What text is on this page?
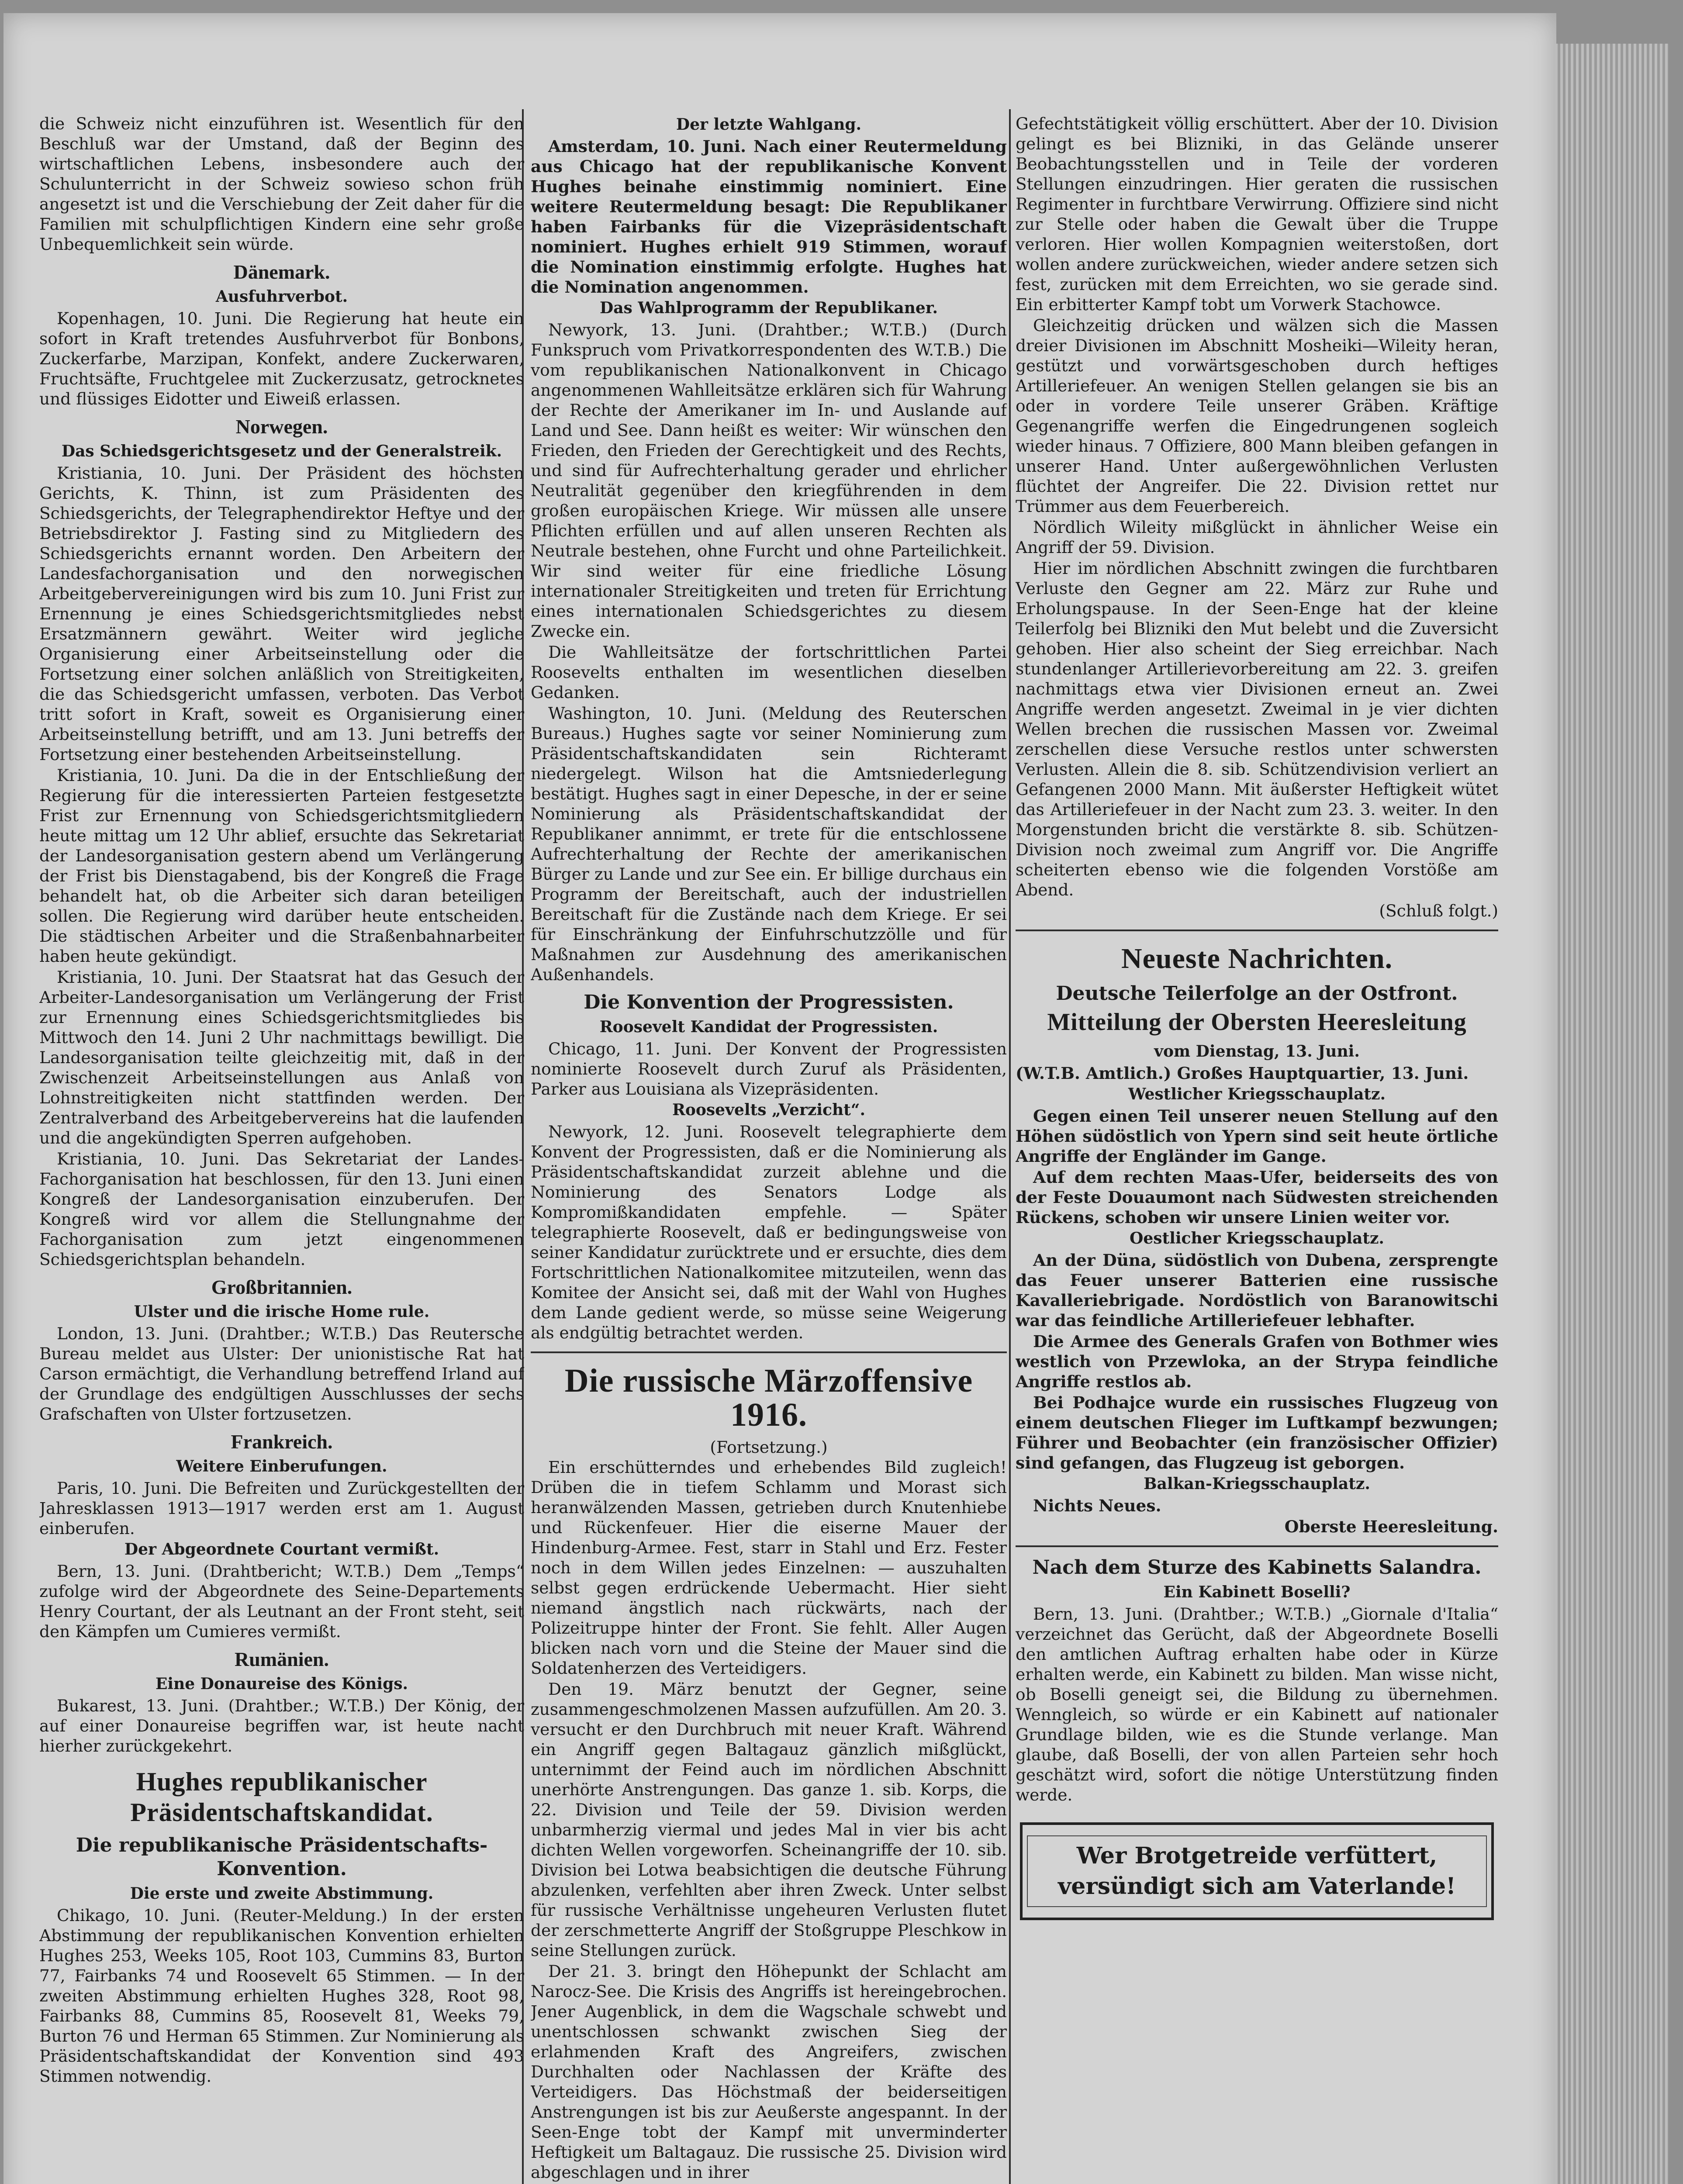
die Schweiz nicht einzuführen ist. Wesentlich für den Beschluß war der Umstand, daß der Beginn des wirtschaftlichen Lebens, insbesondere auch der Schulunterricht in der Schweiz sowieso schon früh angesetzt ist und die Verschiebung der Zeit daher für die Familien mit schulpflichtigen Kindern eine sehr große Unbequemlichkeit sein würde.

Dänemark.
Ausfuhrverbot.

Kopenhagen, 10. Juni. Die Regierung hat heute ein sofort in Kraft tretendes Ausfuhrverbot für Bonbons, Zuckerfarbe, Marzipan, Konfekt, andere Zuckerwaren, Fruchtsäfte, Fruchtgelee mit Zuckerzusatz, getrocknetes und flüssiges Eidotter und Eiweiß erlassen.

Norwegen.
Das Schiedsgerichtsgesetz und der Generalstreik.

Kristiania, 10. Juni. Der Präsident des höchsten Gerichts, K. Thinn, ist zum Präsidenten des Schiedsgerichts, der Telegraphendirektor Heftye und der Betriebsdirektor J. Fasting sind zu Mitgliedern des Schiedsgerichts ernannt worden. Den Arbeitern der Landesfachorganisation und den norwegischen Arbeitgebervereinigungen wird bis zum 10. Juni Frist zur Ernennung je eines Schiedsgerichtsmitgliedes nebst Ersatzmännern gewährt. Weiter wird jegliche Organisierung einer Arbeitseinstellung oder die Fortsetzung einer solchen anläßlich von Streitigkeiten, die das Schiedsgericht umfassen, verboten. Das Verbot tritt sofort in Kraft, soweit es Organisierung einer Arbeitseinstellung betrifft, und am 13. Juni betreffs der Fortsetzung einer bestehenden Arbeitseinstellung.

Kristiania, 10. Juni. Da die in der Entschließung der Regierung für die interessierten Parteien festgesetzte Frist zur Ernennung von Schiedsgerichtsmitgliedern heute mittag um 12 Uhr ablief, ersuchte das Sekretariat der Landesorganisation gestern abend um Verlängerung der Frist bis Dienstagabend, bis der Kongreß die Frage behandelt hat, ob die Arbeiter sich daran beteiligen sollen. Die Regierung wird darüber heute entscheiden. Die städtischen Arbeiter und die Straßenbahnarbeiter haben heute gekündigt.

Kristiania, 10. Juni. Der Staatsrat hat das Gesuch der Arbeiter-Landesorganisation um Verlängerung der Frist zur Ernennung eines Schiedsgerichtsmitgliedes bis Mittwoch den 14. Juni 2 Uhr nachmittags bewilligt. Die Landesorganisation teilte gleichzeitig mit, daß in der Zwischenzeit Arbeitseinstellungen aus Anlaß von Lohnstreitigkeiten nicht stattfinden werden. Der Zentralverband des Arbeitgebervereins hat die laufenden und die angekündigten Sperren aufgehoben.

Kristiania, 10. Juni. Das Sekretariat der Landes-Fachorganisation hat beschlossen, für den 13. Juni einen Kongreß der Landesorganisation einzuberufen. Der Kongreß wird vor allem die Stellungnahme der Fachorganisation zum jetzt eingenommenen Schiedsgerichtsplan behandeln.

Großbritannien.
Ulster und die irische Home rule.

London, 13. Juni. (Drahtber.; W.T.B.) Das Reutersche Bureau meldet aus Ulster: Der unionistische Rat hat Carson ermächtigt, die Verhandlung betreffend Irland auf der Grundlage des endgültigen Ausschlusses der sechs Grafschaften von Ulster fortzusetzen.

Frankreich.
Weitere Einberufungen.

Paris, 10. Juni. Die Befreiten und Zurückgestellten der Jahresklassen 1913—1917 werden erst am 1. August einberufen.

Der Abgeordnete Courtant vermißt.

Bern, 13. Juni. (Drahtbericht; W.T.B.) Dem „Temps“ zufolge wird der Abgeordnete des Seine-Departements Henry Courtant, der als Leutnant an der Front steht, seit den Kämpfen um Cumieres vermißt.

Rumänien.
Eine Donaureise des Königs.

Bukarest, 13. Juni. (Drahtber.; W.T.B.) Der König, der auf einer Donaureise begriffen war, ist heute nacht hierher zurückgekehrt.

Hughes republikanischer Präsidentschaftskandidat.
Die republikanische Präsidentschafts-Konvention.
Die erste und zweite Abstimmung.

Chikago, 10. Juni. (Reuter-Meldung.) In der ersten Abstimmung der republikanischen Konvention erhielten Hughes 253, Weeks 105, Root 103, Cummins 83, Burton 77, Fairbanks 74 und Roosevelt 65 Stimmen. — In der zweiten Abstimmung erhielten Hughes 328, Root 98, Fairbanks 88, Cummins 85, Roosevelt 81, Weeks 79, Burton 76 und Herman 65 Stimmen. Zur Nominierung als Präsidentschaftskandidat der Konvention sind 493 Stimmen notwendig.

Der letzte Wahlgang.

Amsterdam, 10. Juni. Nach einer Reutermeldung aus Chicago hat der republikanische Konvent Hughes beinahe einstimmig nominiert. Eine weitere Reutermeldung besagt: Die Republikaner haben Fairbanks für die Vizepräsidentschaft nominiert. Hughes erhielt 919 Stimmen, worauf die Nomination einstimmig erfolgte. Hughes hat die Nomination angenommen.

Das Wahlprogramm der Republikaner.

Newyork, 13. Juni. (Drahtber.; W.T.B.) (Durch Funkspruch vom Privatkorrespondenten des W.T.B.) Die vom republikanischen Nationalkonvent in Chicago angenommenen Wahlleitsätze erklären sich für Wahrung der Rechte der Amerikaner im In- und Auslande auf Land und See. Dann heißt es weiter: Wir wünschen den Frieden, den Frieden der Gerechtigkeit und des Rechts, und sind für Aufrechterhaltung gerader und ehrlicher Neutralität gegenüber den kriegführenden in dem großen europäischen Kriege. Wir müssen alle unsere Pflichten erfüllen und auf allen unseren Rechten als Neutrale bestehen, ohne Furcht und ohne Parteilichkeit. Wir sind weiter für eine friedliche Lösung internationaler Streitigkeiten und treten für Errichtung eines internationalen Schiedsgerichtes zu diesem Zwecke ein.

Die Wahlleitsätze der fortschrittlichen Partei Roosevelts enthalten im wesentlichen dieselben Gedanken.

Washington, 10. Juni. (Meldung des Reuterschen Bureaus.) Hughes sagte vor seiner Nominierung zum Präsidentschaftskandidaten sein Richteramt niedergelegt. Wilson hat die Amtsniederlegung bestätigt. Hughes sagt in einer Depesche, in der er seine Nominierung als Präsidentschaftskandidat der Republikaner annimmt, er trete für die entschlossene Aufrechterhaltung der Rechte der amerikanischen Bürger zu Lande und zur See ein. Er billige durchaus ein Programm der Bereitschaft, auch der industriellen Bereitschaft für die Zustände nach dem Kriege. Er sei für Einschränkung der Einfuhrschutzzölle und für Maßnahmen zur Ausdehnung des amerikanischen Außenhandels.

Die Konvention der Progressisten.
Roosevelt Kandidat der Progressisten.

Chicago, 11. Juni. Der Konvent der Progressisten nominierte Roosevelt durch Zuruf als Präsidenten, Parker aus Louisiana als Vizepräsidenten.

Roosevelts „Verzicht“.

Newyork, 12. Juni. Roosevelt telegraphierte dem Konvent der Progressisten, daß er die Nominierung als Präsidentschaftskandidat zurzeit ablehne und die Nominierung des Senators Lodge als Kompromißkandidaten empfehle. — Später telegraphierte Roosevelt, daß er bedingungsweise von seiner Kandidatur zurücktrete und er ersuchte, dies dem Fortschrittlichen Nationalkomitee mitzuteilen, wenn das Komitee der Ansicht sei, daß mit der Wahl von Hughes dem Lande gedient werde, so müsse seine Weigerung als endgültig betrachtet werden.

Die russische Märzoffensive 1916.
(Fortsetzung.)

Ein erschütterndes und erhebendes Bild zugleich! Drüben die in tiefem Schlamm und Morast sich heranwälzenden Massen, getrieben durch Knutenhiebe und Rückenfeuer. Hier die eiserne Mauer der Hindenburg-Armee. Fest, starr in Stahl und Erz. Fester noch in dem Willen jedes Einzelnen: — auszuhalten selbst gegen erdrückende Uebermacht. Hier sieht niemand ängstlich nach rückwärts, nach der Polizeitruppe hinter der Front. Sie fehlt. Aller Augen blicken nach vorn und die Steine der Mauer sind die Soldatenherzen des Verteidigers.

Den 19. März benutzt der Gegner, seine zusammengeschmolzenen Massen aufzufüllen. Am 20. 3. versucht er den Durchbruch mit neuer Kraft. Während ein Angriff gegen Baltagauz gänzlich mißglückt, unternimmt der Feind auch im nördlichen Abschnitt unerhörte Anstrengungen. Das ganze 1. sib. Korps, die 22. Division und Teile der 59. Division werden unbarmherzig viermal und jedes Mal in vier bis acht dichten Wellen vorgeworfen. Scheinangriffe der 10. sib. Division bei Lotwa beabsichtigen die deutsche Führung abzulenken, verfehlten aber ihren Zweck. Unter selbst für russische Verhältnisse ungeheuren Verlusten flutet der zerschmetterte Angriff der Stoßgruppe Pleschkow in seine Stellungen zurück.

Der 21. 3. bringt den Höhepunkt der Schlacht am Narocz-See. Die Krisis des Angriffs ist hereingebrochen. Jener Augenblick, in dem die Wagschale schwebt und unentschlossen schwankt zwischen Sieg der erlahmenden Kraft des Angreifers, zwischen Durchhalten oder Nachlassen der Kräfte des Verteidigers. Das Höchstmaß der beiderseitigen Anstrengungen ist bis zur Aeußerste angespannt. In der Seen-Enge tobt der Kampf mit unverminderter Heftigkeit um Baltagauz. Die russische 25. Division wird abgeschlagen und in ihrer

Gefechtstätigkeit völlig erschüttert. Aber der 10. Division gelingt es bei Blizniki, in das Gelände unserer Beobachtungsstellen und in Teile der vorderen Stellungen einzudringen. Hier geraten die russischen Regimenter in furchtbare Verwirrung. Offiziere sind nicht zur Stelle oder haben die Gewalt über die Truppe verloren. Hier wollen Kompagnien weiterstoßen, dort wollen andere zurückweichen, wieder andere setzen sich fest, zurücken mit dem Erreichten, wo sie gerade sind. Ein erbitterter Kampf tobt um Vorwerk Stachowce.

Gleichzeitig drücken und wälzen sich die Massen dreier Divisionen im Abschnitt Mosheiki—Wileity heran, gestützt und vorwärtsgeschoben durch heftiges Artilleriefeuer. An wenigen Stellen gelangen sie bis an oder in vordere Teile unserer Gräben. Kräftige Gegenangriffe werfen die Eingedrungenen sogleich wieder hinaus. 7 Offiziere, 800 Mann bleiben gefangen in unserer Hand. Unter außergewöhnlichen Verlusten flüchtet der Angreifer. Die 22. Division rettet nur Trümmer aus dem Feuerbereich.

Nördlich Wileity mißglückt in ähnlicher Weise ein Angriff der 59. Division.

Hier im nördlichen Abschnitt zwingen die furchtbaren Verluste den Gegner am 22. März zur Ruhe und Erholungspause. In der Seen-Enge hat der kleine Teilerfolg bei Blizniki den Mut belebt und die Zuversicht gehoben. Hier also scheint der Sieg erreichbar. Nach stundenlanger Artillerievorbereitung am 22. 3. greifen nachmittags etwa vier Divisionen erneut an. Zwei Angriffe werden angesetzt. Zweimal in je vier dichten Wellen brechen die russischen Massen vor. Zweimal zerschellen diese Versuche restlos unter schwersten Verlusten. Allein die 8. sib. Schützendivision verliert an Gefangenen 2000 Mann. Mit äußerster Heftigkeit wütet das Artilleriefeuer in der Nacht zum 23. 3. weiter. In den Morgenstunden bricht die verstärkte 8. sib. Schützen-Division noch zweimal zum Angriff vor. Die Angriffe scheiterten ebenso wie die folgenden Vorstöße am Abend.

(Schluß folgt.)
Neueste Nachrichten.
Deutsche Teilerfolge an der Ostfront.
Mitteilung der Obersten Heeresleitung
vom Dienstag, 13. Juni.

(W.T.B. Amtlich.) Großes Hauptquartier, 13. Juni.

Westlicher Kriegsschauplatz.

Gegen einen Teil unserer neuen Stellung auf den Höhen südöstlich von Ypern sind seit heute örtliche Angriffe der Engländer im Gange.

Auf dem rechten Maas-Ufer, beiderseits des von der Feste Douaumont nach Südwesten streichenden Rückens, schoben wir unsere Linien weiter vor.

Oestlicher Kriegsschauplatz.

An der Düna, südöstlich von Dubena, zersprengte das Feuer unserer Batterien eine russische Kavalleriebrigade. Nordöstlich von Baranowitschi war das feindliche Artilleriefeuer lebhafter.

Die Armee des Generals Grafen von Bothmer wies westlich von Przewloka, an der Strypa feindliche Angriffe restlos ab.

Bei Podhajce wurde ein russisches Flugzeug von einem deutschen Flieger im Luftkampf bezwungen; Führer und Beobachter (ein französischer Offizier) sind gefangen, das Flugzeug ist geborgen.

Balkan-Kriegsschauplatz.

Nichts Neues.

Oberste Heeresleitung.
Nach dem Sturze des Kabinetts Salandra.
Ein Kabinett Boselli?

Bern, 13. Juni. (Drahtber.; W.T.B.) „Giornale d'Italia“ verzeichnet das Gerücht, daß der Abgeordnete Boselli den amtlichen Auftrag erhalten habe oder in Kürze erhalten werde, ein Kabinett zu bilden. Man wisse nicht, ob Boselli geneigt sei, die Bildung zu übernehmen. Wenngleich, so würde er ein Kabinett auf nationaler Grundlage bilden, wie es die Stunde verlange. Man glaube, daß Boselli, der von allen Parteien sehr hoch geschätzt wird, sofort die nötige Unterstützung finden werde.

Wer Brotgetreide verfüttert,
versündigt sich am Vaterlande!
